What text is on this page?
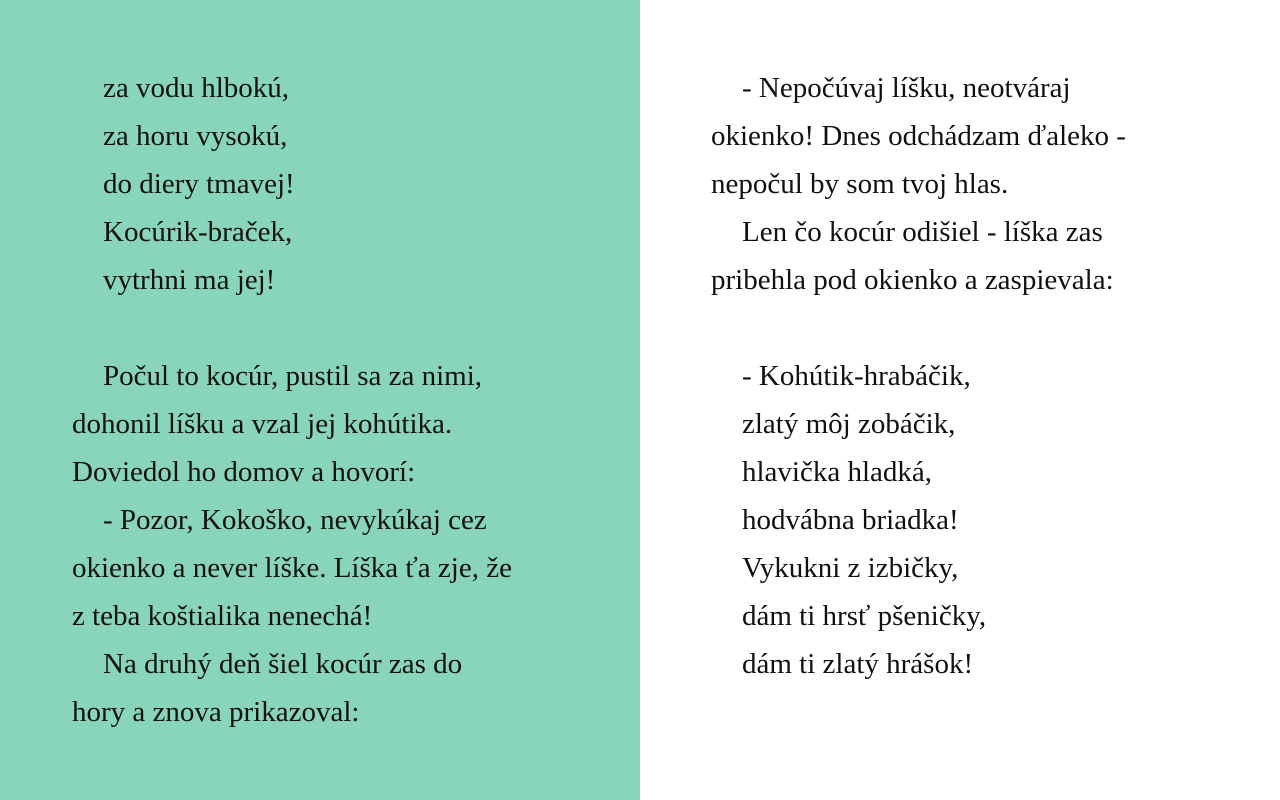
za vodu hlbokú,
za horu vysokú,
do diery tmavej!
Kocúrik-braček,
vytrhni ma jej!
Počul to kocúr, pustil sa za nimi,
dohonil líšku a vzal jej kohútika.
Doviedol ho domov a hovorí:
- Pozor, Kokoško, nevykúkaj cez
okienko a never líške. Líška ťa zje, že
z teba koštialika nenechá!
Na druhý deň šiel kocúr zas do
hory a znova prikazoval:
- Nepočúvaj líšku, neotváraj
okienko! Dnes odchádzam ďaleko -
nepočul by som tvoj hlas.
Len čo kocúr odišiel - líška zas
pribehla pod okienko a zaspievala:
- Kohútik-hrabáčik,
zlatý môj zobáčik,
hlavička hladká,
hodvábna briadka!
Vykukni z izbičky,
dám ti hrsť pšeničky,
dám ti zlatý hrášok!
